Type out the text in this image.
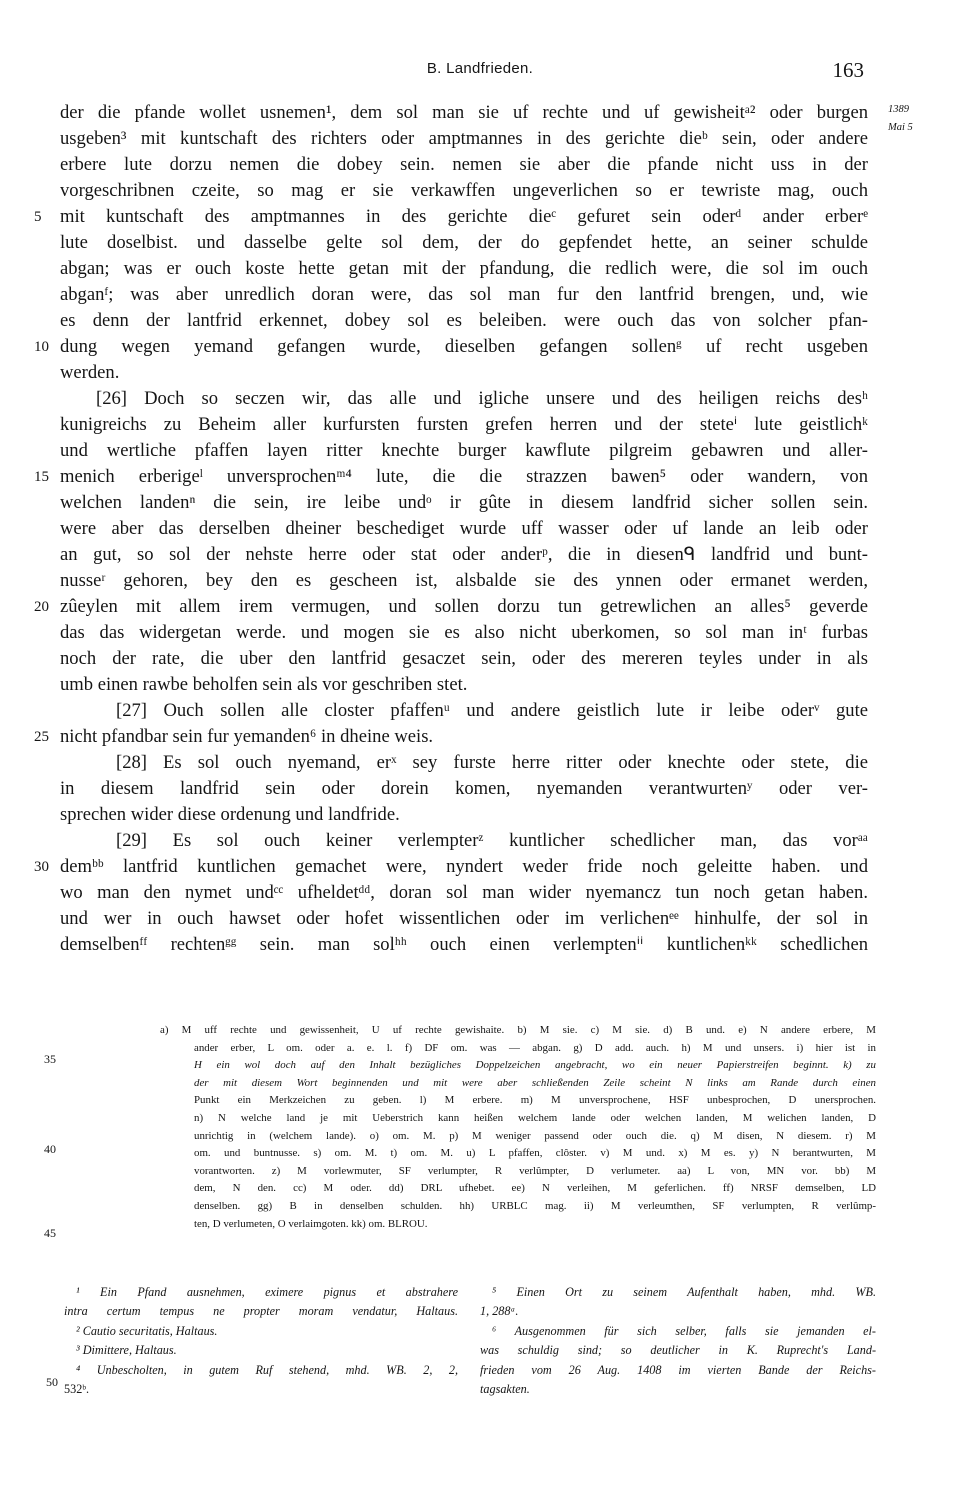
B. Landfrieden.	163
1389
Mai 5
der die pfande wollet usnemen¹, dem sol man sie uf rechte und uf gewisheitᵃ² oder burgen
usgeben³ mit kuntschaft des richters oder amptmannes in des gerichte dieᵇ sein, oder andere
erbere lute dorzu nemen die dobey sein. nemen sie aber die pfande nicht uss in der
vorgeschribnen czeite, so mag er sie verkawffen ungeverlichen so er tewriste mag, ouch
mit kuntschaft des amptmannes in des gerichte dieᶜ gefuret sein oderᵈ ander erberᵉ
lute doselbist. und dasselbe gelte sol dem, der do gepfendet hette, an seiner schulde
abgan; was er ouch koste hette getan mit der pfandung, die redlich were, die sol im ouch
abganᶠ; was aber unredlich doran were, das sol man fur den lantfrid brengen, und, wie
es denn der lantfrid erkennet, dobey sol es beleiben. were ouch das von solcher pfan-
dung wegen yemand gefangen wurde, dieselben gefangen sollenᵍ uf recht usgeben
werden.
[26] Doch so seczen wir, das alle und igliche unsere und des heiligen reichs desʰ
kunigreichs zu Beheim aller kurfursten fursten grefen herren und der steteⁱ lute geistlichᵏ
und wertliche pfaffen layen ritter knechte burger kawflute pilgreim gebawren und aller-
menich erberigeˡ unversprochenᵐ⁴ lute, die die strazzen bawen⁵ oder wandern, von
welchen landenⁿ die sein, ire leibe undᵒ ir gûte in diesem landfrid sicher sollen sein.
were aber das derselben dheiner beschediget wurde uff wasser oder uf lande an leib oder
an gut, so sol der nehste herre oder stat oder anderᵖ, die in diesenᑫ landfrid und bunt-
nusseʳ gehoren, bey den es gescheen ist, alsbalde sie des ynnen oder ermanet werden,
zûeylen mit allem irem vermugen, und sollen dorzu tun getrewlichen an alles⁵ geverde
das das widergetan werde. und mogen sie es also nicht uberkomen, so sol man inᵗ furbas
noch der rate, die uber den lantfrid gesaczet sein, oder des mereren teyles under in als
umb einen rawbe beholfen sein als vor geschriben stet.
[27] Ouch sollen alle closter pfaffenᵘ und andere geistlich lute ir leibe oderᵛ gute
nicht pfandbar sein fur yemanden⁶ in dheine weis.
[28] Es sol ouch nyemand, erˣ sey furste herre ritter oder knechte oder stete, die
in diesem landfrid sein oder dorein komen, nyemanden verantwurtenʸ oder ver-
sprechen wider diese ordenung und landfride.
[29] Es sol ouch keiner verlempterᶻ kuntlicher schedlicher man, das vorᵃᵃ
demᵇᵇ lantfrid kuntlichen gemachet were, nyndert weder fride noch geleitte haben. und
wo man den nymet undᶜᶜ ufheldetᵈᵈ, doran sol man wider nyemancz tun noch getan haben.
und wer in ouch hawset oder hofet wissentlichen oder im verlichenᵉᵉ hinhulfe, der sol in
demselbenᶠᶠ rechtenᵍᵍ sein. man solʰʰ ouch einen verlemptenⁱⁱ kuntlichenᵏᵏ schedlichen
5
10
15
20
25
30
35
40
45
a) M uff rechte und gewissenheit, U uf rechte gewishaite. b) M sie. c) M sie. d) B und. e) N andere erbere, M
ander erber, L om. oder a. e. l. f) DF om. was — abgan. g) D add. auch. h) M und unsers. i) hier ist in
H ein wol doch auf den Inhalt bezügliches Doppelzeichen angebracht, wo ein neuer Papierstreifen beginnt. k) zu
der mit diesem Wort beginnenden und mit were aber schließenden Zeile scheint N links am Rande durch einen
Punkt ein Merkzeichen zu geben. l) M erbere. m) M unversprochene, HSF unbesprochen, D unersprochen.
n) N welche land je mit Ueberstrich kann heißen welchem lande oder welchen landen, M welichen landen, D
unrichtig in (welchem lande). o) om. M. p) M weniger passend oder ouch die. q) M disen, N diesem. r) M
om. und buntnusse. s) om. M. t) om. M. u) L pfaffen, clôster. v) M und. x) M es. y) N berantwurten, M
vorantworten. z) M vorlewmuter, SF verlumpter, R verlûmpter, D verlumeter. aa) L von, MN vor. bb) M
dem, N den. cc) M oder. dd) DRL ufhebet. ee) N verleihen, M geferlichen. ff) NRSF demselben, LD
denselben. gg) B in denselben schulden. hh) URBLC mag. ii) M verleumthen, SF verlumpten, R verlûmp-
ten, D verlumeten, O verlaimgoten. kk) om. BLROU.
¹ Ein Pfand ausnehmen, eximere pignus et abstrahere
intra certum tempus ne propter moram vendatur, Haltaus.
² Cautio securitatis, Haltaus.
³ Dimittere, Haltaus.
⁴ Unbescholten, in gutem Ruf stehend, mhd. WB. 2, 2,
532ᵇ.
50
⁵ Einen Ort zu seinem Aufenthalt haben, mhd. WB.
1, 288ᵃ.
⁶ Ausgenommen für sich selber, falls sie jemanden el-
was schuldig sind; so deutlicher in K. Ruprecht's Land-
frieden vom 26 Aug. 1408 im vierten Bande der Reichs-
tagsakten.
